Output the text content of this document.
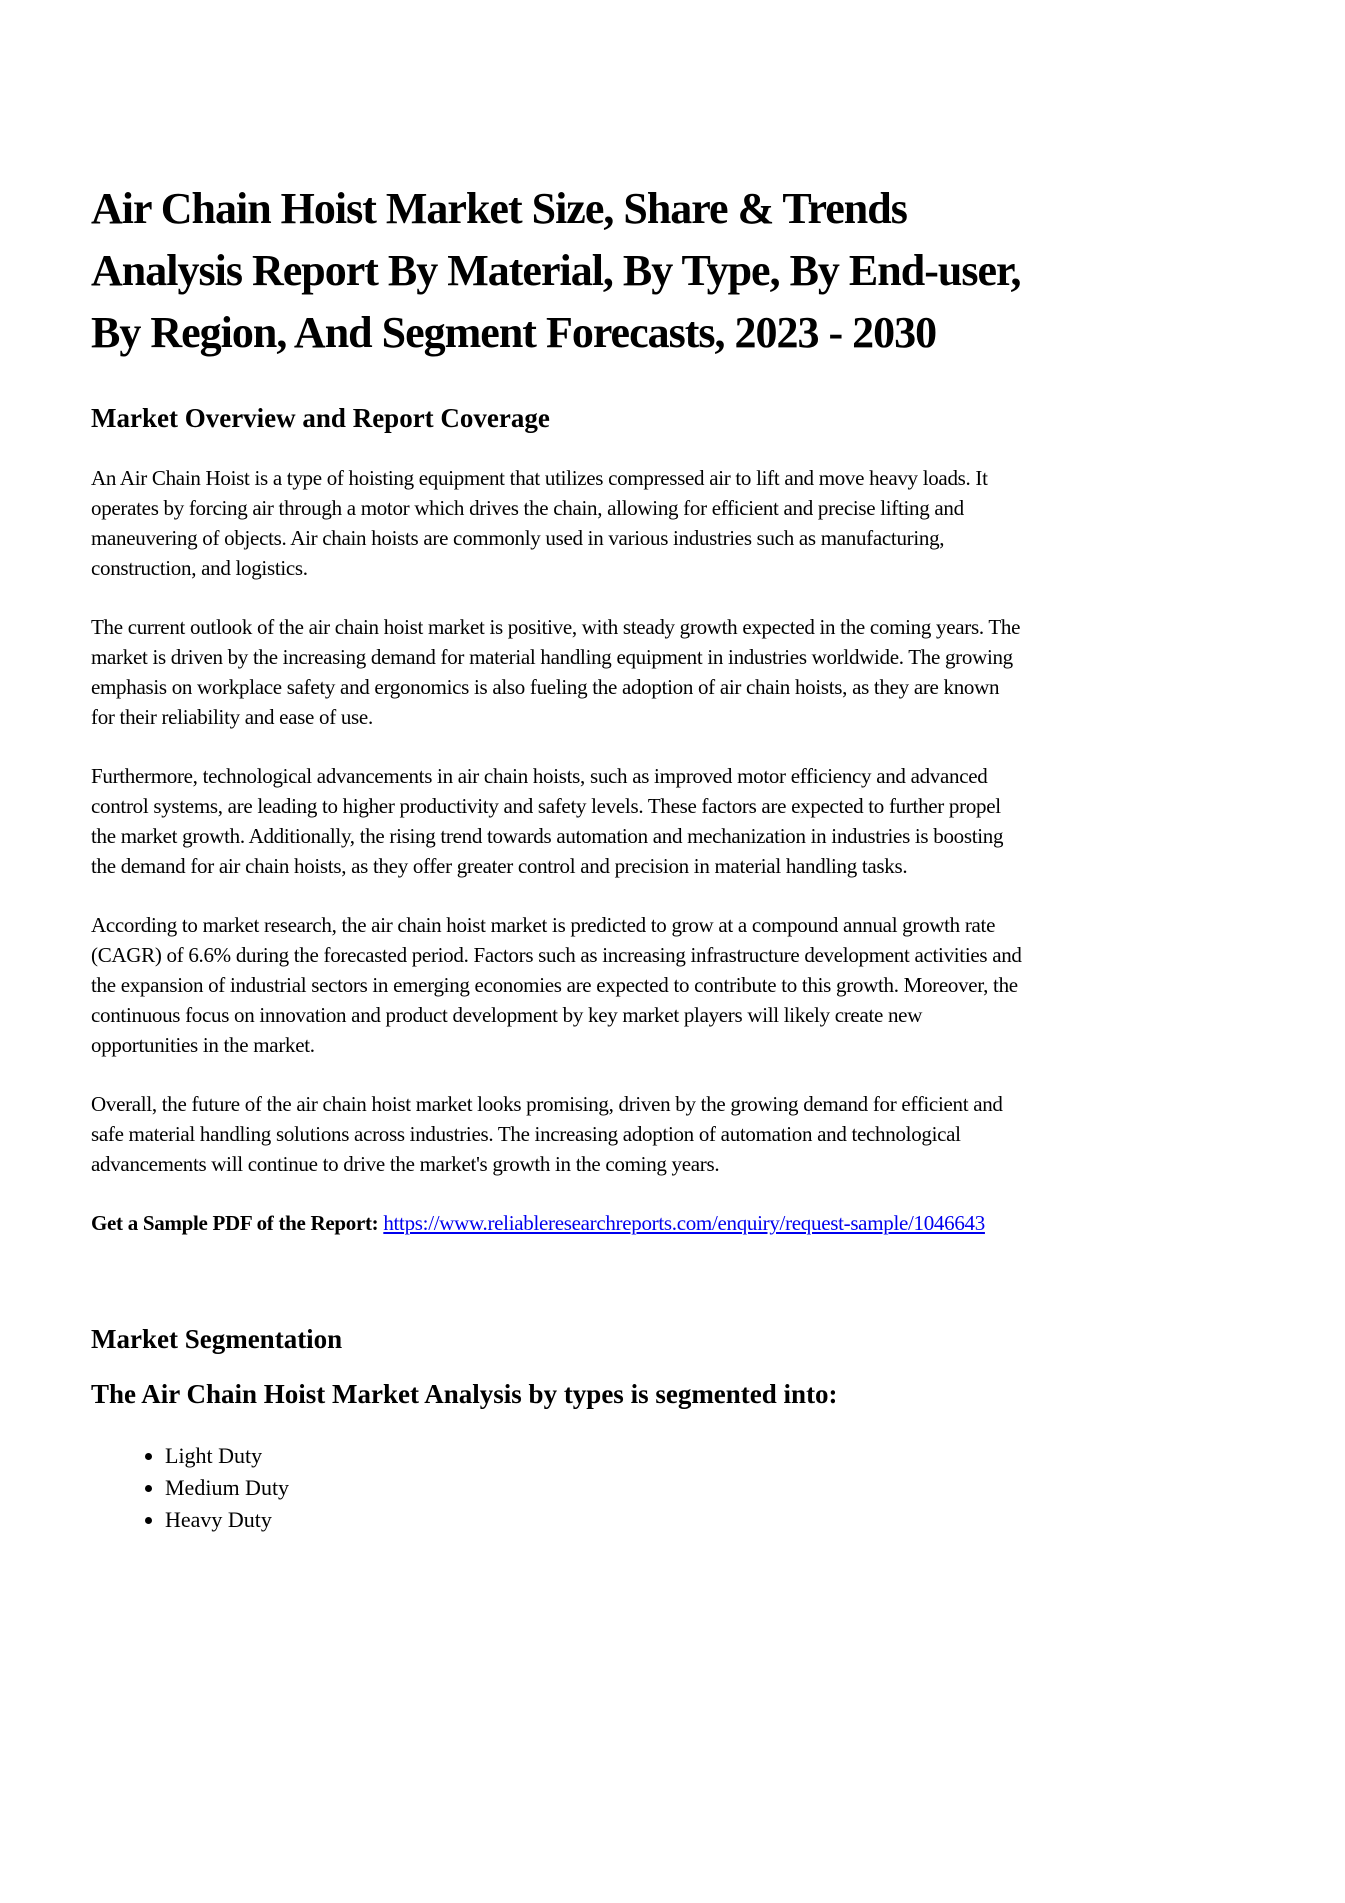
Air Chain Hoist Market Size, Share & Trends Analysis Report By Material, By Type, By End-user, By Region, And Segment Forecasts, 2023 - 2030
Market Overview and Report Coverage

An Air Chain Hoist is a type of hoisting equipment that utilizes compressed air to lift and move heavy loads. It operates by forcing air through a motor which drives the chain, allowing for efficient and precise lifting and maneuvering of objects. Air chain hoists are commonly used in various industries such as manufacturing, construction, and logistics.

The current outlook of the air chain hoist market is positive, with steady growth expected in the coming years. The market is driven by the increasing demand for material handling equipment in industries worldwide. The growing emphasis on workplace safety and ergonomics is also fueling the adoption of air chain hoists, as they are known for their reliability and ease of use.

Furthermore, technological advancements in air chain hoists, such as improved motor efficiency and advanced control systems, are leading to higher productivity and safety levels. These factors are expected to further propel the market growth. Additionally, the rising trend towards automation and mechanization in industries is boosting the demand for air chain hoists, as they offer greater control and precision in material handling tasks.

According to market research, the air chain hoist market is predicted to grow at a compound annual growth rate (CAGR) of 6.6% during the forecasted period. Factors such as increasing infrastructure development activities and the expansion of industrial sectors in emerging economies are expected to contribute to this growth. Moreover, the continuous focus on innovation and product development by key market players will likely create new opportunities in the market.

Overall, the future of the air chain hoist market looks promising, driven by the growing demand for efficient and safe material handling solutions across industries. The increasing adoption of automation and technological advancements will continue to drive the market's growth in the coming years.

Get a Sample PDF of the Report: https://www.reliableresearchreports.com/enquiry/request-sample/1046643

Market Segmentation
The Air Chain Hoist Market Analysis by types is segmented into:
• Light Duty
• Medium Duty
• Heavy Duty
